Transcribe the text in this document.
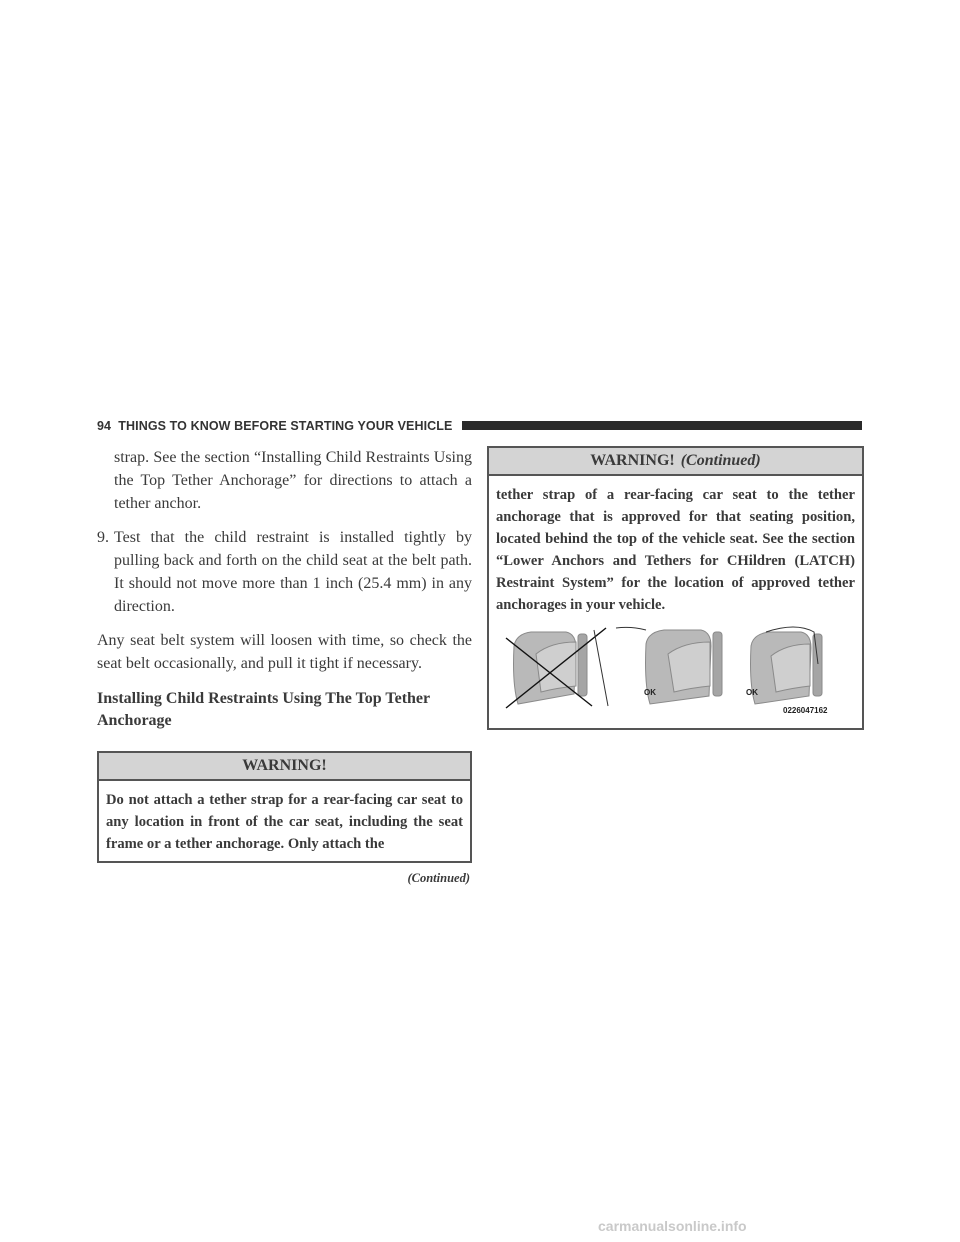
94
THINGS TO KNOW BEFORE STARTING YOUR VEHICLE

strap. See the section “Installing Child Restraints Using the Top Tether Anchorage” for directions to attach a tether anchor.

9. Test that the child restraint is installed tightly by pulling back and forth on the child seat at the belt path. It should not move more than 1 inch (25.4 mm) in any direction.

Any seat belt system will loosen with time, so check the seat belt occasionally, and pull it tight if necessary.

Installing Child Restraints Using The Top Tether Anchorage
WARNING!
Do not attach a tether strap for a rear-facing car seat to any location in front of the car seat, including the seat frame or a tether anchorage. Only attach the
(Continued)
WARNING! (Continued)
tether strap of a rear-facing car seat to the tether anchorage that is approved for that seating position, located behind the top of the vehicle seat. See the section “Lower Anchors and Tethers for CHildren (LATCH) Restraint System” for the location of approved tether anchorages in your vehicle.
OK	OK
0226047162
carmanualsonline.info
